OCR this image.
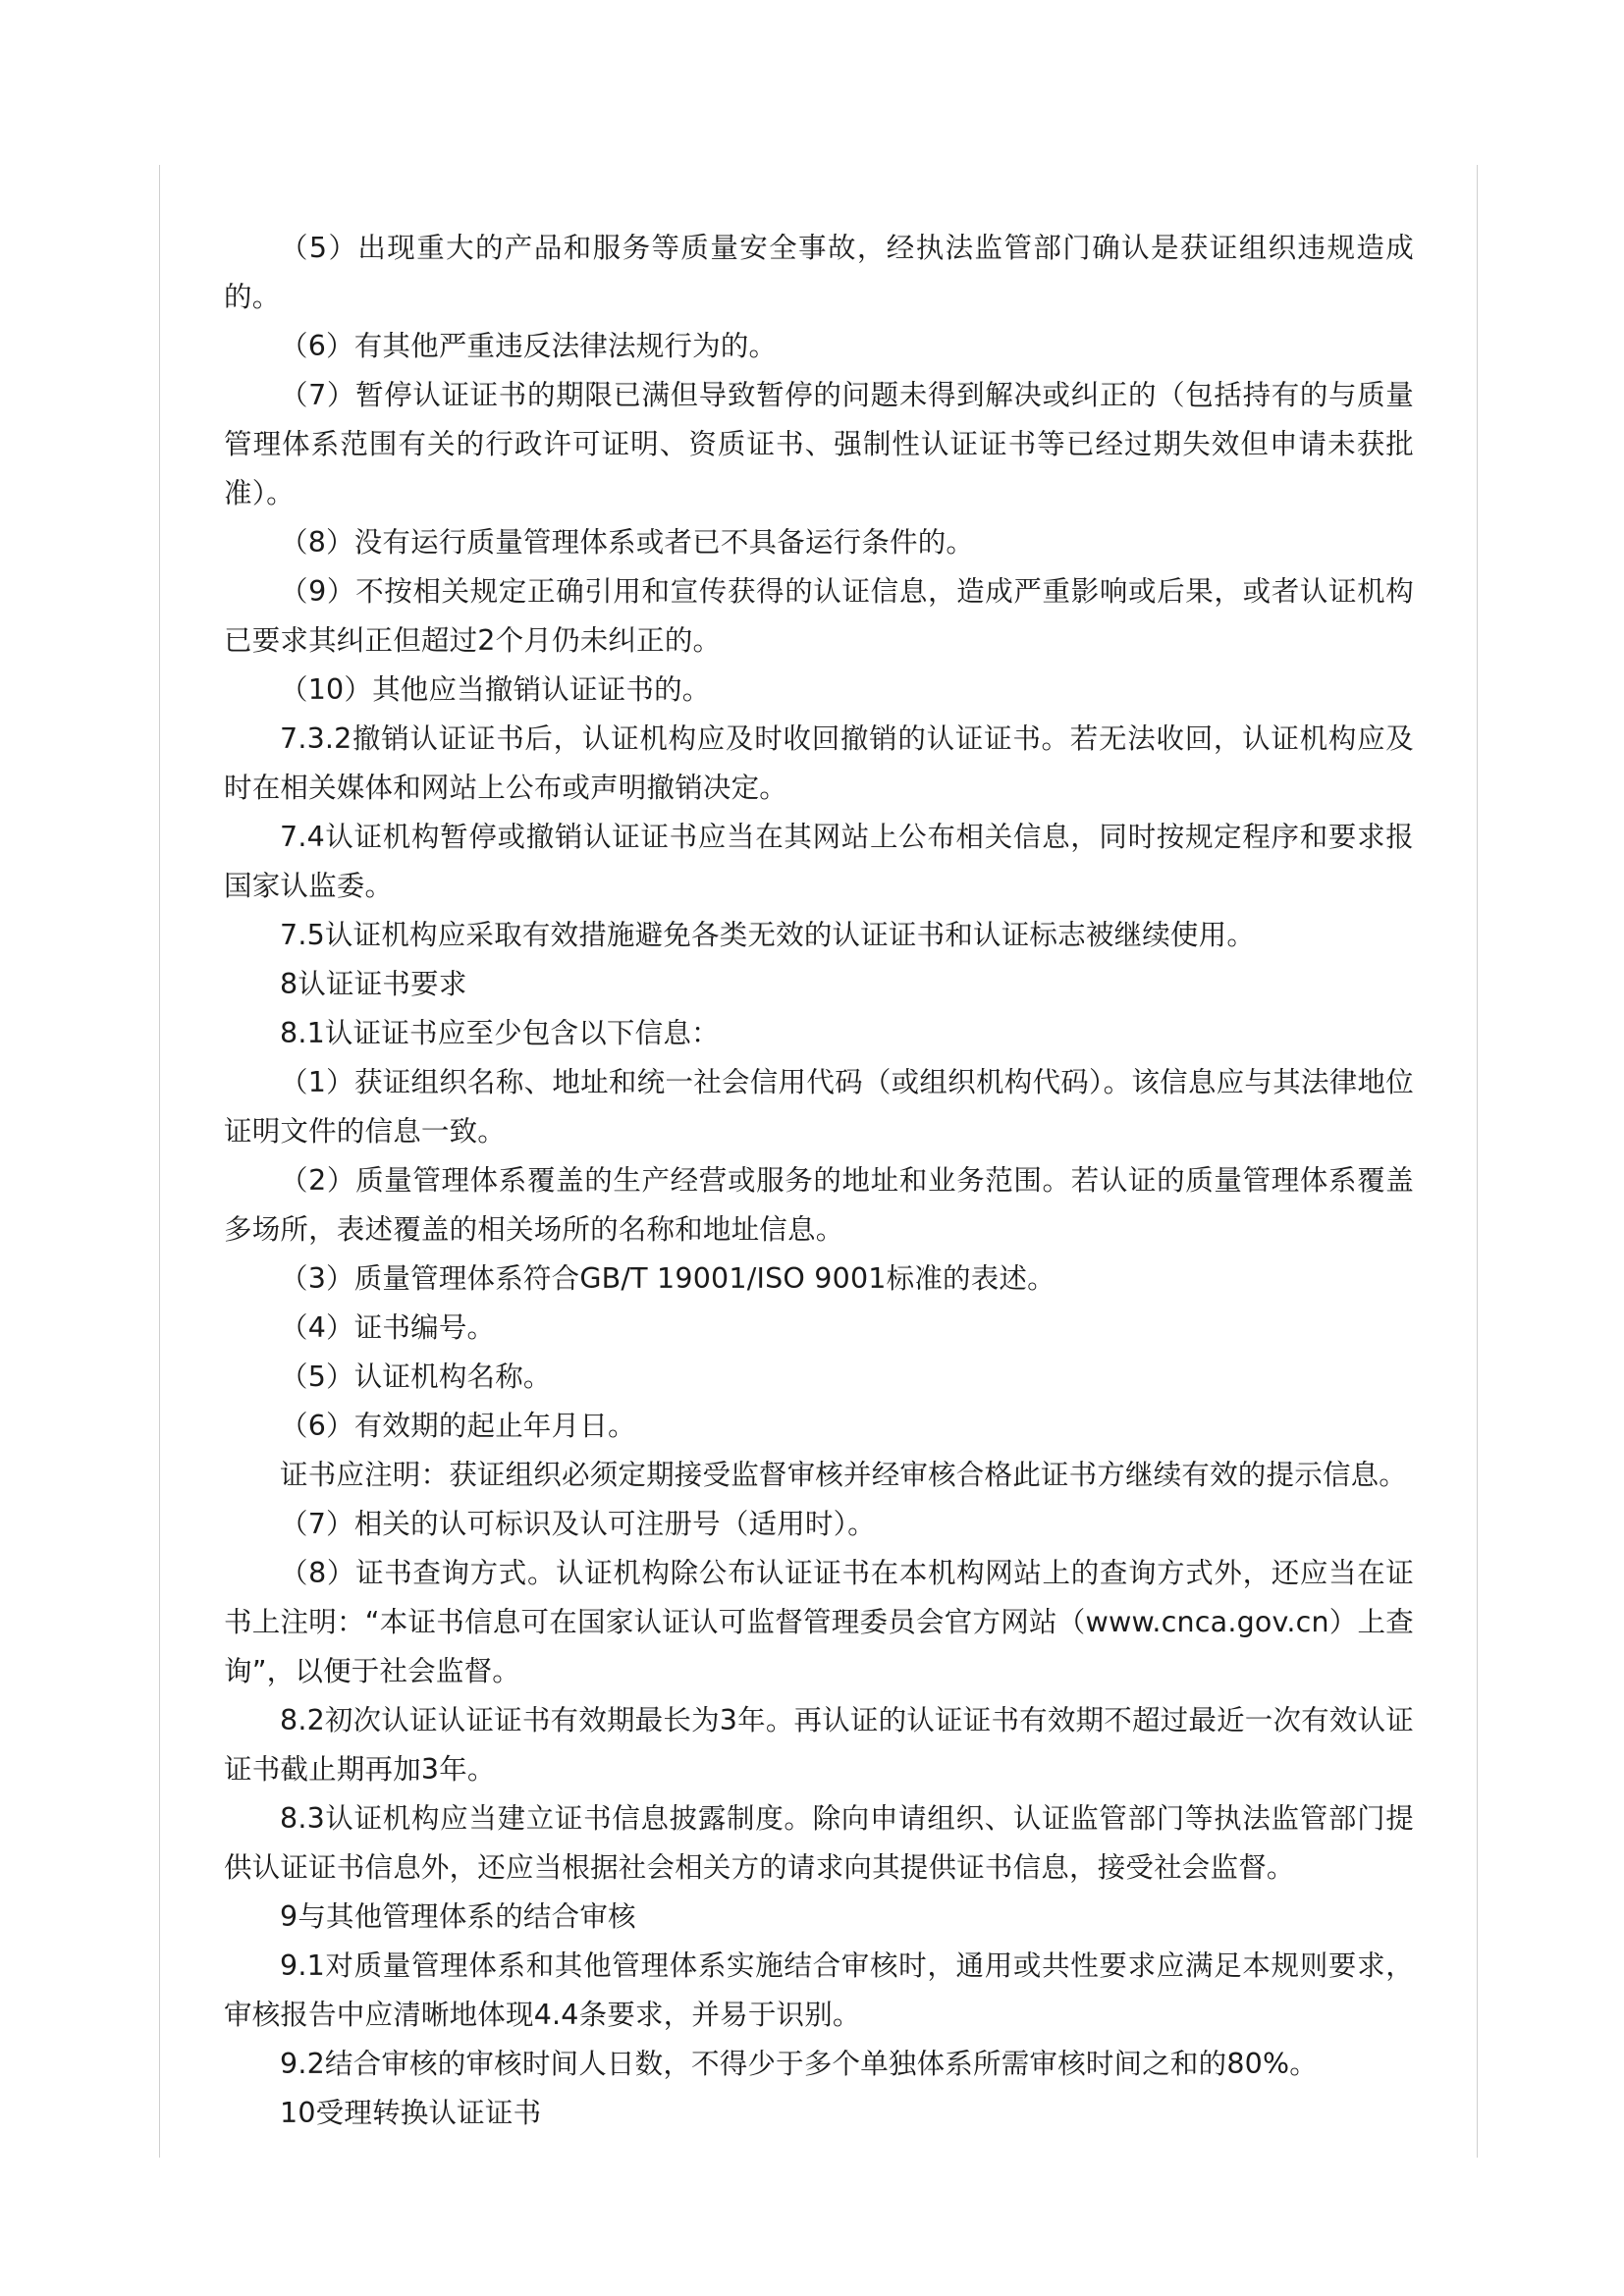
（5）出现重大的产品和服务等质量安全事故，经执法监管部门确认是获证组织违规造成的。

（6）有其他严重违反法律法规行为的。

（7）暂停认证证书的期限已满但导致暂停的问题未得到解决或纠正的（包括持有的与质量管理体系范围有关的行政许可证明、资质证书、强制性认证证书等已经过期失效但申请未获批准）。

（8）没有运行质量管理体系或者已不具备运行条件的。

（9）不按相关规定正确引用和宣传获得的认证信息，造成严重影响或后果，或者认证机构已要求其纠正但超过2个月仍未纠正的。

（10）其他应当撤销认证证书的。

7.3.2撤销认证证书后，认证机构应及时收回撤销的认证证书。若无法收回，认证机构应及时在相关媒体和网站上公布或声明撤销决定。

7.4认证机构暂停或撤销认证证书应当在其网站上公布相关信息，同时按规定程序和要求报国家认监委。

7.5认证机构应采取有效措施避免各类无效的认证证书和认证标志被继续使用。

8认证证书要求

8.1认证证书应至少包含以下信息：

（1）获证组织名称、地址和统一社会信用代码（或组织机构代码）。该信息应与其法律地位证明文件的信息一致。

（2）质量管理体系覆盖的生产经营或服务的地址和业务范围。若认证的质量管理体系覆盖多场所，表述覆盖的相关场所的名称和地址信息。

（3）质量管理体系符合GB/T 19001/ISO 9001标准的表述。

（4）证书编号。

（5）认证机构名称。

（6）有效期的起止年月日。

证书应注明：获证组织必须定期接受监督审核并经审核合格此证书方继续有效的提示信息。

（7）相关的认可标识及认可注册号（适用时）。

（8）证书查询方式。认证机构除公布认证证书在本机构网站上的查询方式外，还应当在证书上注明：“本证书信息可在国家认证认可监督管理委员会官方网站（www.cnca.gov.cn）上查询”，以便于社会监督。

8.2初次认证认证证书有效期最长为3年。再认证的认证证书有效期不超过最近一次有效认证证书截止期再加3年。

8.3认证机构应当建立证书信息披露制度。除向申请组织、认证监管部门等执法监管部门提供认证证书信息外，还应当根据社会相关方的请求向其提供证书信息，接受社会监督。

9与其他管理体系的结合审核

9.1对质量管理体系和其他管理体系实施结合审核时，通用或共性要求应满足本规则要求，审核报告中应清晰地体现4.4条要求，并易于识别。

9.2结合审核的审核时间人日数，不得少于多个单独体系所需审核时间之和的80%。

10受理转换认证证书
